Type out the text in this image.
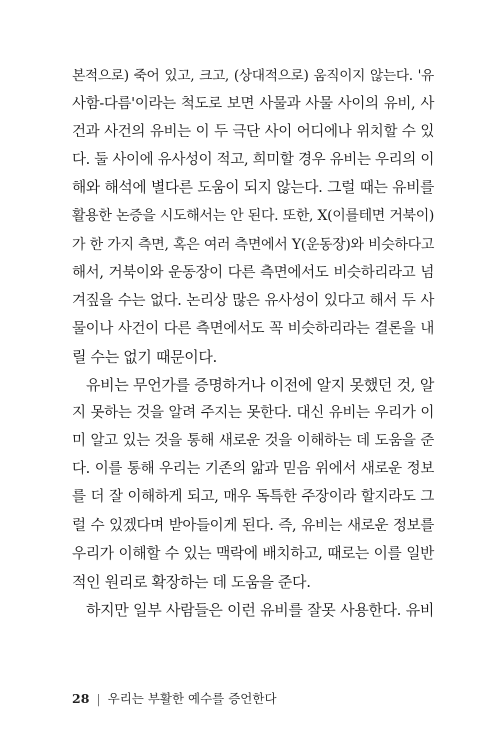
본적으로) 죽어 있고, 크고, (상대적으로) 움직이지 않는다. '유
사함-다름'이라는 척도로 보면 사물과 사물 사이의 유비, 사
건과 사건의 유비는 이 두 극단 사이 어디에나 위치할 수 있
다. 둘 사이에 유사성이 적고, 희미할 경우 유비는 우리의 이
해와 해석에 별다른 도움이 되지 않는다. 그럴 때는 유비를
활용한 논증을 시도해서는 안 된다. 또한, X(이를테면 거북이)
가 한 가지 측면, 혹은 여러 측면에서 Y(운동장)와 비슷하다고
해서, 거북이와 운동장이 다른 측면에서도 비슷하리라고 넘
겨짚을 수는 없다. 논리상 많은 유사성이 있다고 해서 두 사
물이나 사건이 다른 측면에서도 꼭 비슷하리라는 결론을 내
릴 수는 없기 때문이다.
유비는 무언가를 증명하거나 이전에 알지 못했던 것, 알
지 못하는 것을 알려 주지는 못한다. 대신 유비는 우리가 이
미 알고 있는 것을 통해 새로운 것을 이해하는 데 도움을 준
다. 이를 통해 우리는 기존의 앎과 믿음 위에서 새로운 정보
를 더 잘 이해하게 되고, 매우 독특한 주장이라 할지라도 그
럴 수 있겠다며 받아들이게 된다. 즉, 유비는 새로운 정보를
우리가 이해할 수 있는 맥락에 배치하고, 때로는 이를 일반
적인 원리로 확장하는 데 도움을 준다.
하지만 일부 사람들은 이런 유비를 잘못 사용한다. 유비
28 | 우리는 부활한 예수를 증언한다
